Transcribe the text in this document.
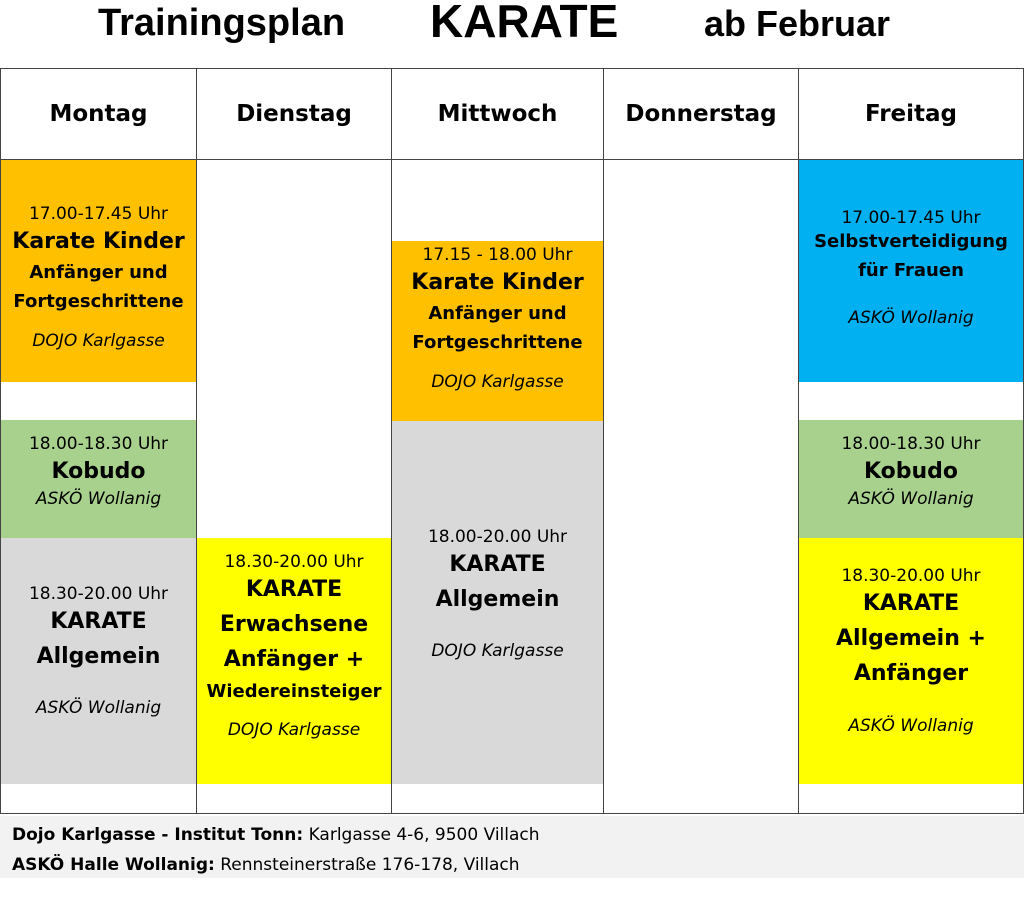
Trainingsplan KARATE ab Februar
Montag
17.00-17.45 Uhr
Karate Kinder
Anfänger und
Fortgeschrittene
DOJO Karlgasse
18.00-18.30 Uhr
Kobudo
ASKÖ Wollanig
18.30-20.00 Uhr
KARATE
Allgemein
ASKÖ Wollanig
Dienstag
18.30-20.00 Uhr
KARATE
Erwachsene
Anfänger +
Wiedereinsteiger
DOJO Karlgasse
Mittwoch
17.15 - 18.00 Uhr
Karate Kinder
Anfänger und
Fortgeschrittene
DOJO Karlgasse
18.00-20.00 Uhr
KARATE
Allgemein
DOJO Karlgasse
Donnerstag	Freitag
17.00-17.45 Uhr
Selbstverteidigung
für Frauen
ASKÖ Wollanig
18.00-18.30 Uhr
Kobudo
ASKÖ Wollanig
18.30-20.00 Uhr
KARATE
Allgemein +
Anfänger
ASKÖ Wollanig
Dojo Karlgasse - Institut Tonn: Karlgasse 4-6, 9500 Villach
ASKÖ Halle Wollanig: Rennsteinerstraße 176-178, Villach
